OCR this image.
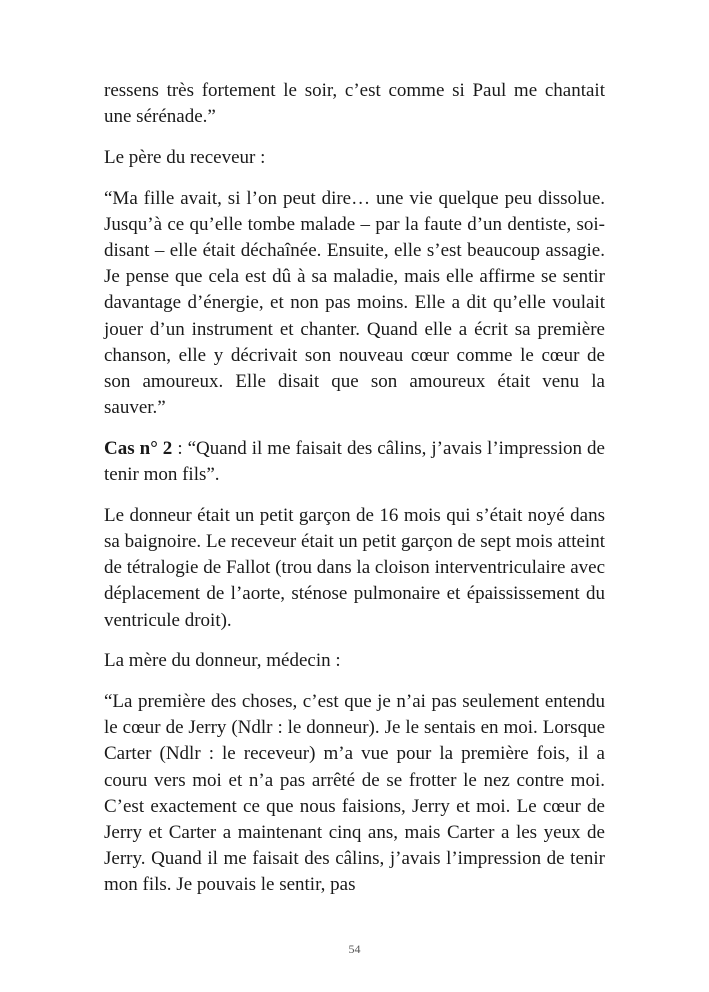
ressens très fortement le soir, c’est comme si Paul me chantait une sérénade.”

Le père du receveur :

“Ma fille avait, si l’on peut dire… une vie quelque peu dissolue. Jusqu’à ce qu’elle tombe malade – par la faute d’un dentiste, soi-disant – elle était déchaînée. Ensuite, elle s’est beaucoup assagie. Je pense que cela est dû à sa maladie, mais elle affirme se sentir davantage d’énergie, et non pas moins. Elle a dit qu’elle voulait jouer d’un instrument et chanter. Quand elle a écrit sa première chanson, elle y décrivait son nouveau cœur comme le cœur de son amoureux. Elle disait que son amoureux était venu la sauver.”

Cas n° 2 : “Quand il me faisait des câlins, j’avais l’impression de tenir mon fils”.

Le donneur était un petit garçon de 16 mois qui s’était noyé dans sa baignoire. Le receveur était un petit garçon de sept mois atteint de tétralogie de Fallot (trou dans la cloison interventriculaire avec déplacement de l’aorte, sténose pulmonaire et épaississement du ventricule droit).

La mère du donneur, médecin :

“La première des choses, c’est que je n’ai pas seulement entendu le cœur de Jerry (Ndlr : le donneur). Je le sentais en moi. Lorsque Carter (Ndlr : le receveur) m’a vue pour la première fois, il a couru vers moi et n’a pas arrêté de se frotter le nez contre moi. C’est exactement ce que nous faisions, Jerry et moi. Le cœur de Jerry et Carter a maintenant cinq ans, mais Carter a les yeux de Jerry. Quand il me faisait des câlins, j’avais l’impression de tenir mon fils. Je pouvais le sentir, pas

54
